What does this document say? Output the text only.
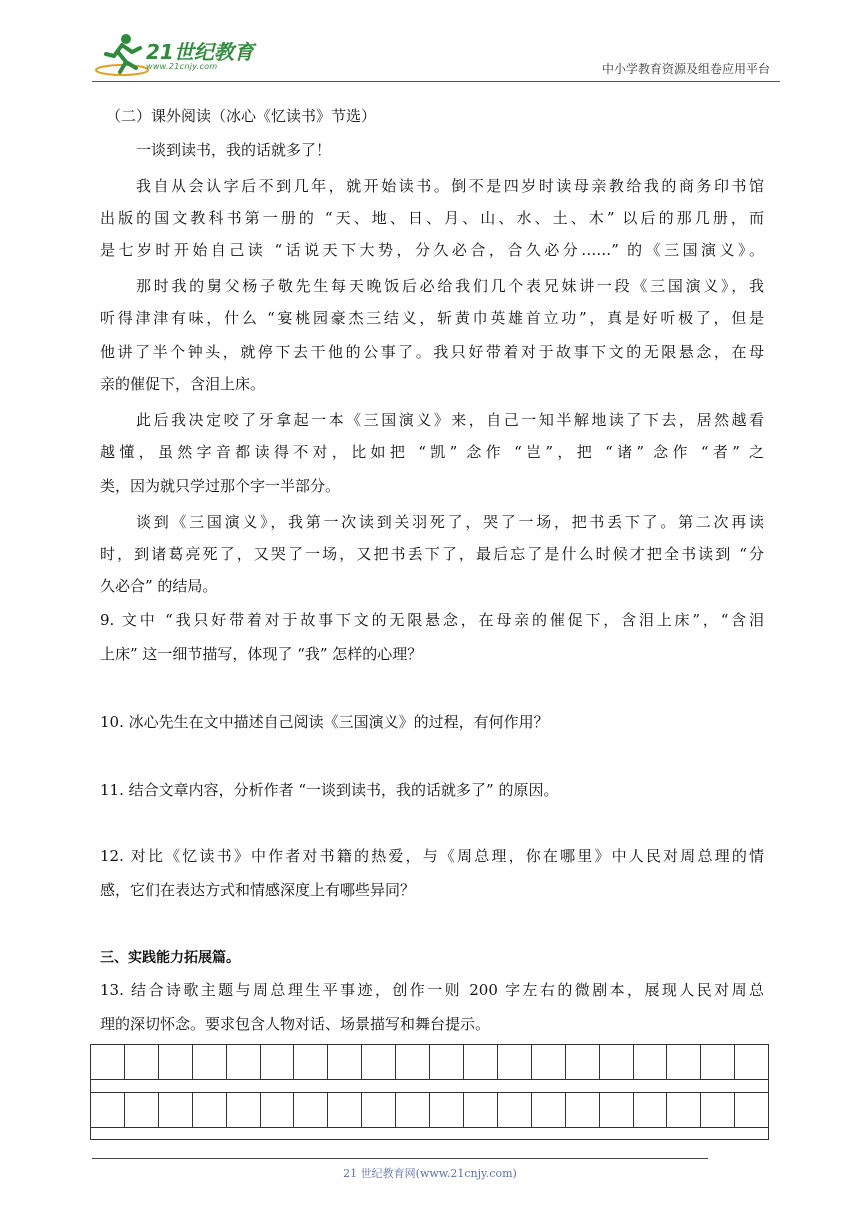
21世纪教育
www.21cnjy.com	中小学教育资源及组卷应用平台
（二）课外阅读（冰心《忆读书》节选）
一谈到读书，我的话就多了！
我自从会认字后不到几年，就开始读书。倒不是四岁时读母亲教给我的商务印书馆
出版的国文教科书第一册的 “天、地、日、月、山、水、土、木” 以后的那几册，而
是七岁时开始自己读 “话说天下大势，分久必合，合久必分……” 的《三国演义》。
那时我的舅父杨子敬先生每天晚饭后必给我们几个表兄妹讲一段《三国演义》，我
听得津津有味，什么 “宴桃园豪杰三结义，斩黄巾英雄首立功”，真是好听极了，但是
他讲了半个钟头，就停下去干他的公事了。我只好带着对于故事下文的无限悬念，在母
亲的催促下，含泪上床。
此后我决定咬了牙拿起一本《三国演义》来，自己一知半解地读了下去，居然越看
越懂，虽然字音都读得不对，比如把 “凯” 念作 “岂”，把 “诸” 念作 “者” 之
类，因为就只学过那个字一半部分。
谈到《三国演义》，我第一次读到关羽死了，哭了一场，把书丢下了。第二次再读
时，到诸葛亮死了，又哭了一场，又把书丢下了，最后忘了是什么时候才把全书读到 “分
久必合” 的结局。
9. 文中 “我只好带着对于故事下文的无限悬念，在母亲的催促下，含泪上床”，“含泪
上床” 这一细节描写，体现了 “我” 怎样的心理？
10. 冰心先生在文中描述自己阅读《三国演义》的过程，有何作用？
11. 结合文章内容，分析作者 “一谈到读书，我的话就多了” 的原因。
12. 对比《忆读书》中作者对书籍的热爱，与《周总理，你在哪里》中人民对周总理的情
感，它们在表达方式和情感深度上有哪些异同？
三、实践能力拓展篇。
13. 结合诗歌主题与周总理生平事迹，创作一则 200 字左右的微剧本，展现人民对周总
理的深切怀念。要求包含人物对话、场景描写和舞台提示。
21 世纪教育网(www.21cnjy.com)
